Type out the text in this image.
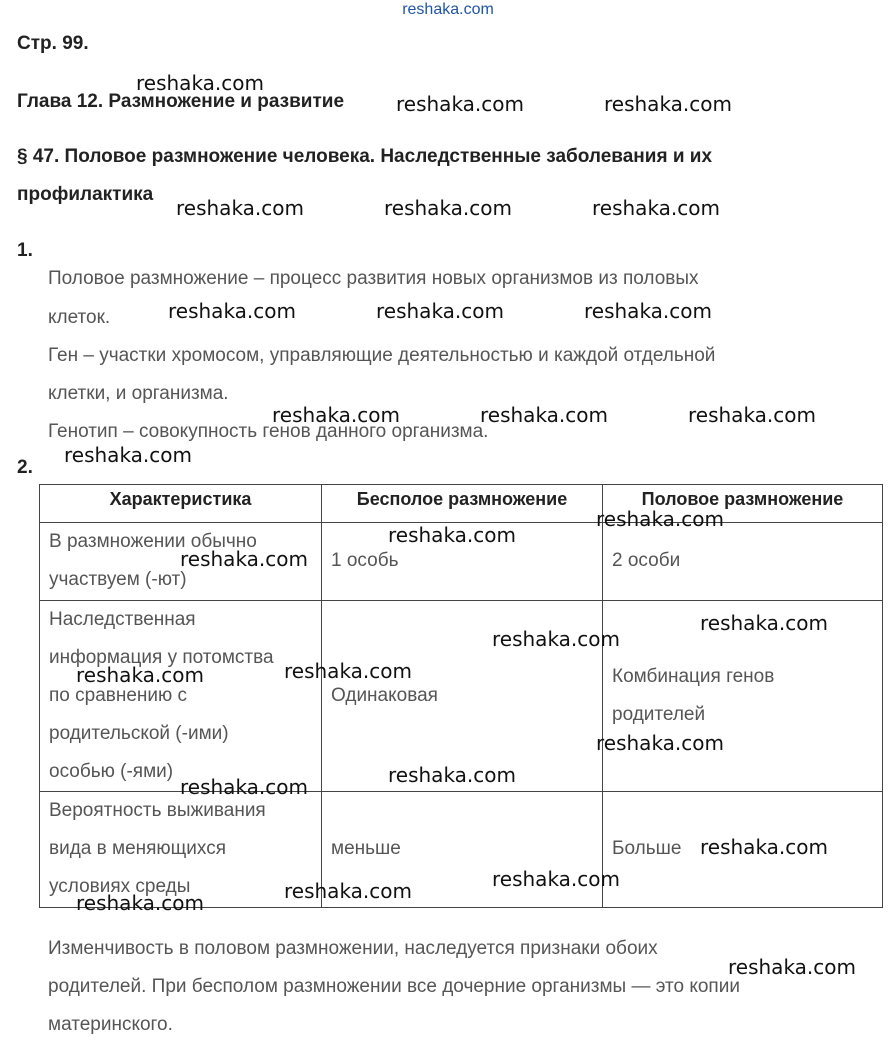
reshaka.com

Стр. 99.

Глава 12. Размножение и развитие

§ 47. Половое размножение человека. Наследственные заболевания и их

профилактика

1.

Половое размножение – процесс развития новых организмов из половых

клеток.

Ген – участки хромосом, управляющие деятельностью и каждой отдельной

клетки, и организма.

Генотип – совокупность генов данного организма.

2.

Характеристика	Бесполое размножение	Половое размножение

В размножении обычно
участвуем (-ют)	1 особь	2 особи

Наследственная
информация у потомства
по сравнению с
родительской (-ими)
особью (-ями)	Одинаковая	Комбинация генов
родителей

Вероятность выживания
вида в меняющихся
условиях среды	меньше	Больше

Изменчивость в половом размножении, наследуется признаки обоих

родителей. При бесполом размножении все дочерние организмы — это копии

материнского.

reshaka.com
reshaka.com	reshaka.com
reshaka.com	reshaka.com	reshaka.com
reshaka.com	reshaka.com	reshaka.com
reshaka.com	reshaka.com	reshaka.com
reshaka.com
reshaka.com
reshaka.com
reshaka.com
reshaka.com
reshaka.com
reshaka.com
reshaka.com
reshaka.com
reshaka.com
reshaka.com
reshaka.com
reshaka.com
reshaka.com
reshaka.com
reshaka.com
